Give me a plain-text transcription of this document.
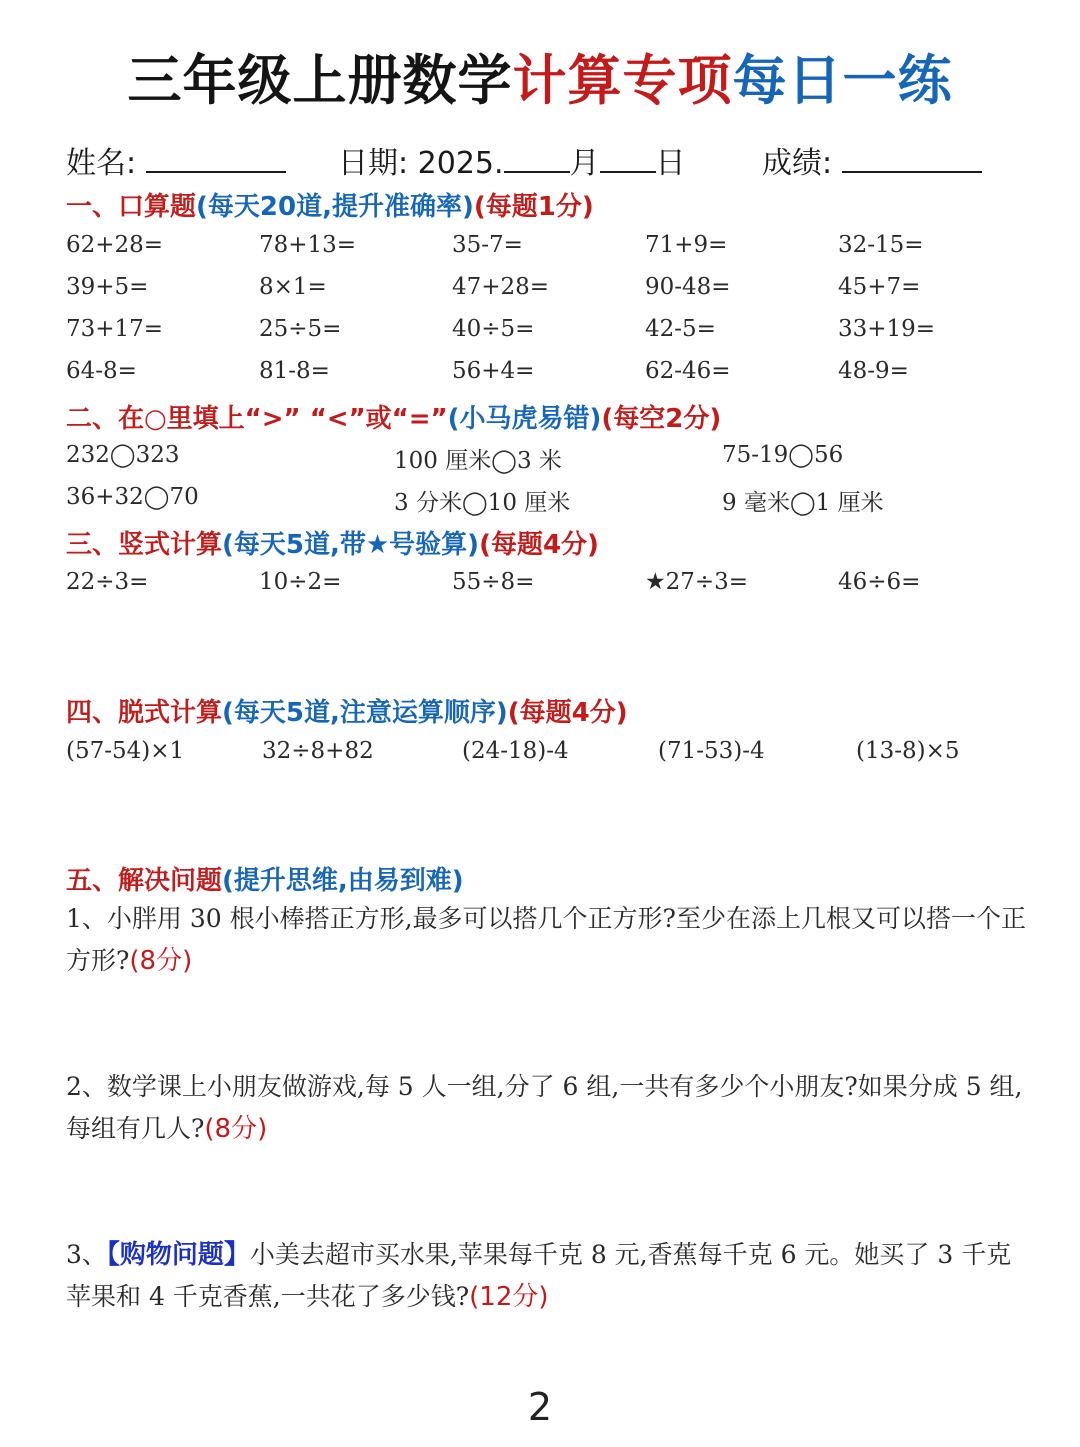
三年级上册数学计算专项每日一练
姓名:	日期: 2025. 月 日	成绩:
一、口算题(每天20道,提升准确率)(每题1分)
62+28=	78+13=	35-7=	71+9=	32-15=
39+5=	8×1=	47+28=	90-48=	45+7=
73+17=	25÷5=	40÷5=	42-5=	33+19=
64-8=	81-8=	56+4=	62-46=	48-9=
二、在○里填上“>” “<”或“=”(小马虎易错)(每空2分)
232◯323	100 厘米◯3 米	75-19◯56
36+32◯70	3 分米◯10 厘米	9 毫米◯1 厘米
三、竖式计算(每天5道,带★号验算)(每题4分)
22÷3=	10÷2=	55÷8=	★27÷3=	46÷6=
四、脱式计算(每天5道,注意运算顺序)(每题4分)
(57-54)×1	32÷8+82	(24-18)-4	(71-53)-4	(13-8)×5
五、解决问题(提升思维,由易到难)
1、小胖用 30 根小棒搭正方形,最多可以搭几个正方形?至少在添上几根又可以搭一个正方形?(8分)
2、数学课上小朋友做游戏,每 5 人一组,分了 6 组,一共有多少个小朋友?如果分成 5 组,每组有几人?(8分)
3、【购物问题】小美去超市买水果,苹果每千克 8 元,香蕉每千克 6 元。她买了 3 千克苹果和 4 千克香蕉,一共花了多少钱?(12分)
2
